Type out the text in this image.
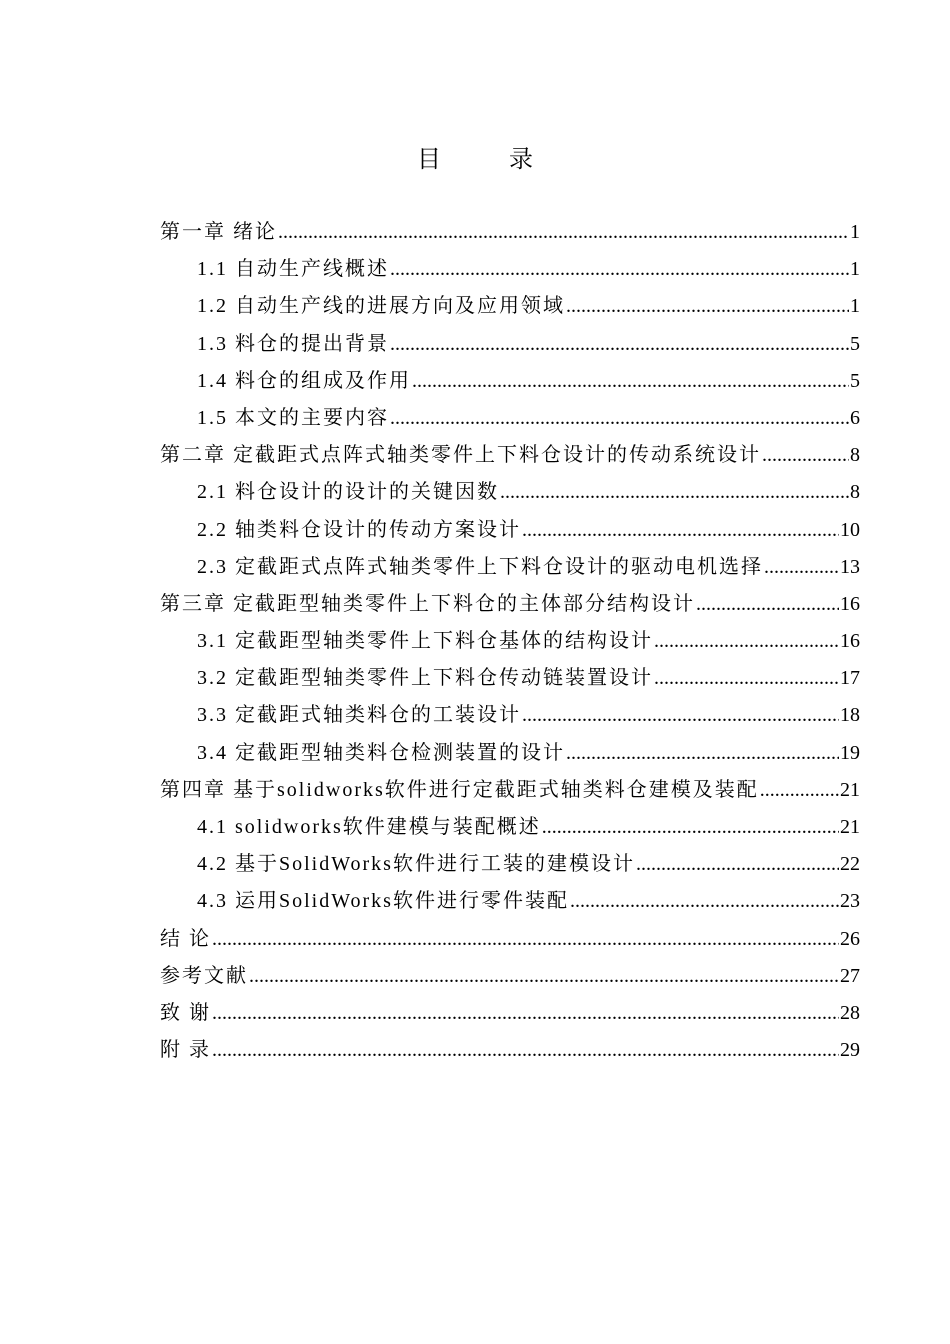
目　录
第一章 绪论 .....	1
1.1 自动生产线概述 .....	1
1.2 自动生产线的进展方向及应用领域 .....	1
1.3 料仓的提出背景 .....	5
1.4 料仓的组成及作用 .....	5
1.5 本文的主要内容 .....	6
第二章 定截距式点阵式轴类零件上下料仓设计的传动系统设计 .....	8
2.1 料仓设计的设计的关键因数 .....	8
2.2 轴类料仓设计的传动方案设计 .....	10
2.3 定截距式点阵式轴类零件上下料仓设计的驱动电机选择 .....	13
第三章 定截距型轴类零件上下料仓的主体部分结构设计 .....	16
3.1 定截距型轴类零件上下料仓基体的结构设计 .....	16
3.2 定截距型轴类零件上下料仓传动链装置设计 .....	17
3.3 定截距式轴类料仓的工装设计 .....	18
3.4 定截距型轴类料仓检测装置的设计 .....	19
第四章 基于solidworks软件进行定截距式轴类料仓建模及装配 .....	21
4.1 solidworks软件建模与装配概述 .....	21
4.2 基于SolidWorks软件进行工装的建模设计 .....	22
4.3 运用SolidWorks软件进行零件装配 .....	23
结 论 .....	26
参考文献 .....	27
致 谢 .....	28
附 录 .....	29
